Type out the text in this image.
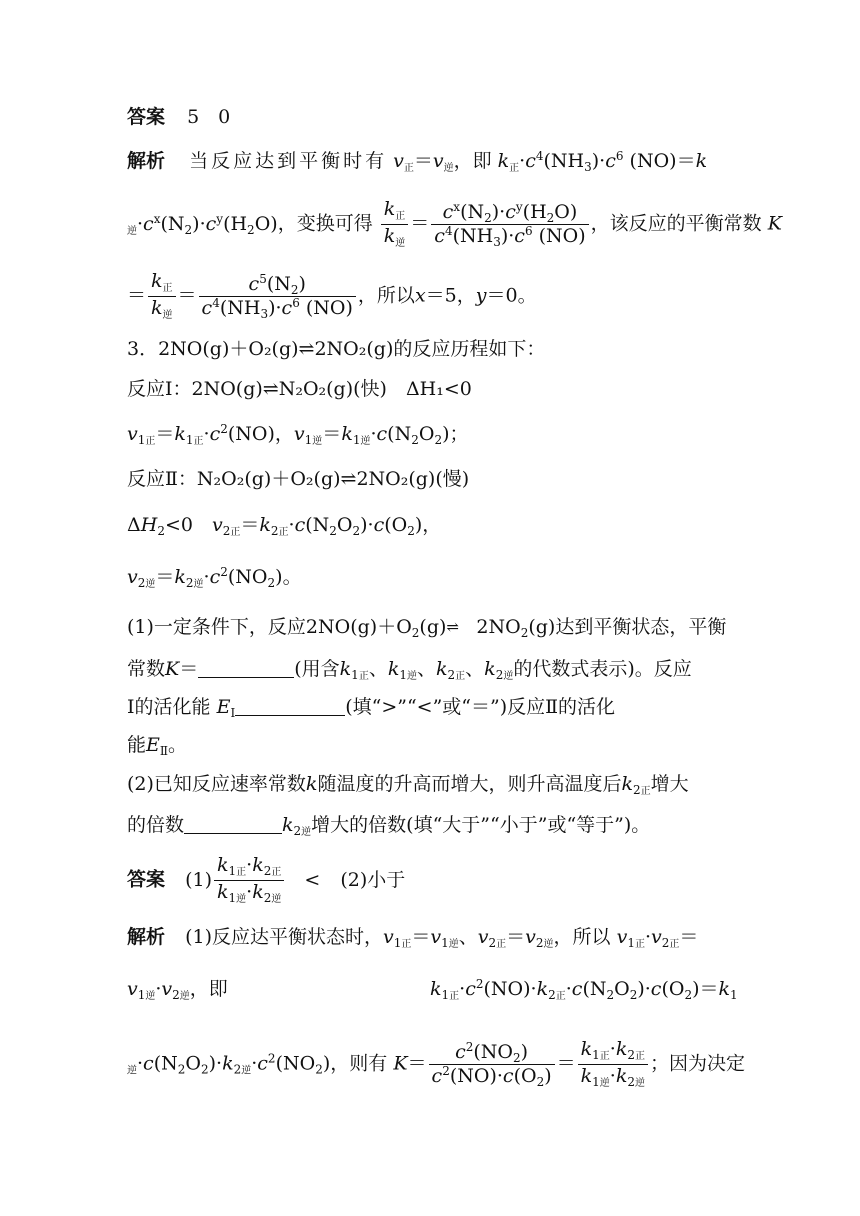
答案 5　0
解析 当反应达到平衡时有 $v_正=v_逆$，即 $k_正\cdot c^4(NH_3)\cdot c^6$ (NO)＝k
$_逆\cdot c^x(N_2)\cdot c^y(H_2O)$，变换可得 $\frac{k_正}{k_逆} = \frac{c^x(N_2)\cdot c^y(H_2O)}{c^4(NH_3)\cdot c^6 (NO)}$ ，该反应的平衡常数 K
＝ $\frac{k_正}{k_逆} = \frac{c^5(N_2)}{c^4(NH_3)\cdot c^6 (NO)}$ ，所以x＝5，y＝0。
3．2NO(g)＋O₂(g)⇌2NO₂(g)的反应历程如下：
反应Ⅰ：2NO(g)⇌N₂O₂(g)(快)　ΔH₁<0
$v_{1正}=k_{1正}\cdot c^2(NO)$，$v_{1逆}=k_{1逆}\cdot c(N_2O_2)$；
反应Ⅱ：N₂O₂(g)＋O₂(g)⇌2NO₂(g)(慢)
$\Delta H_2<0$　$v_{2正}=k_{2正}\cdot c(N_2O_2)\cdot c(O_2)$，
$v_{2逆}=k_{2逆}\cdot c^2(NO_2)$。
(1)一定条件下，反应$2NO(g)+O_2(g)\rightleftharpoons$ $2NO_2(g)$达到平衡状态，平衡
常数K＝	(用含$k_{1正}$、$k_{1逆}$、$k_{2正}$、$k_{2逆}$的代数式表示)。反应
Ⅰ的活化能 $E_Ⅰ$	(填“>”“<”或“＝”)反应Ⅱ的活化
能$E_Ⅱ$。
(2)已知反应速率常数k随温度的升高而增大，则升高温度后$k_{2正}$增大
的倍数	$k_{2逆}$增大的倍数(填“大于”“小于”或“等于”)。
答案 $(1) \frac{k_{1正}\cdot k_{2正}}{k_{1逆}\cdot k_{2逆}} < (2)$小于
解析 (1)反应达平衡状态时，$v_{1正}=v_{1逆}$、$v_{2正}=v_{2逆}$，所以 $v_{1正}\cdot v_{2正}=$
$v_{1逆}\cdot v_{2逆}$，即	$k_{1正}\cdot c^2(NO)\cdot k_{2正}\cdot c(N_2O_2)\cdot c(O_2)=k_1$
$_逆\cdot c(N_2O_2)\cdot k_{2逆}\cdot c^2(NO_2)$，则有 $K= \frac{c^2(NO_2)}{c^2(NO)\cdot c(O_2)} = \frac{k_{1正}\cdot k_{2正}}{k_{1逆}\cdot k_{2逆}}$ ；因为决定
